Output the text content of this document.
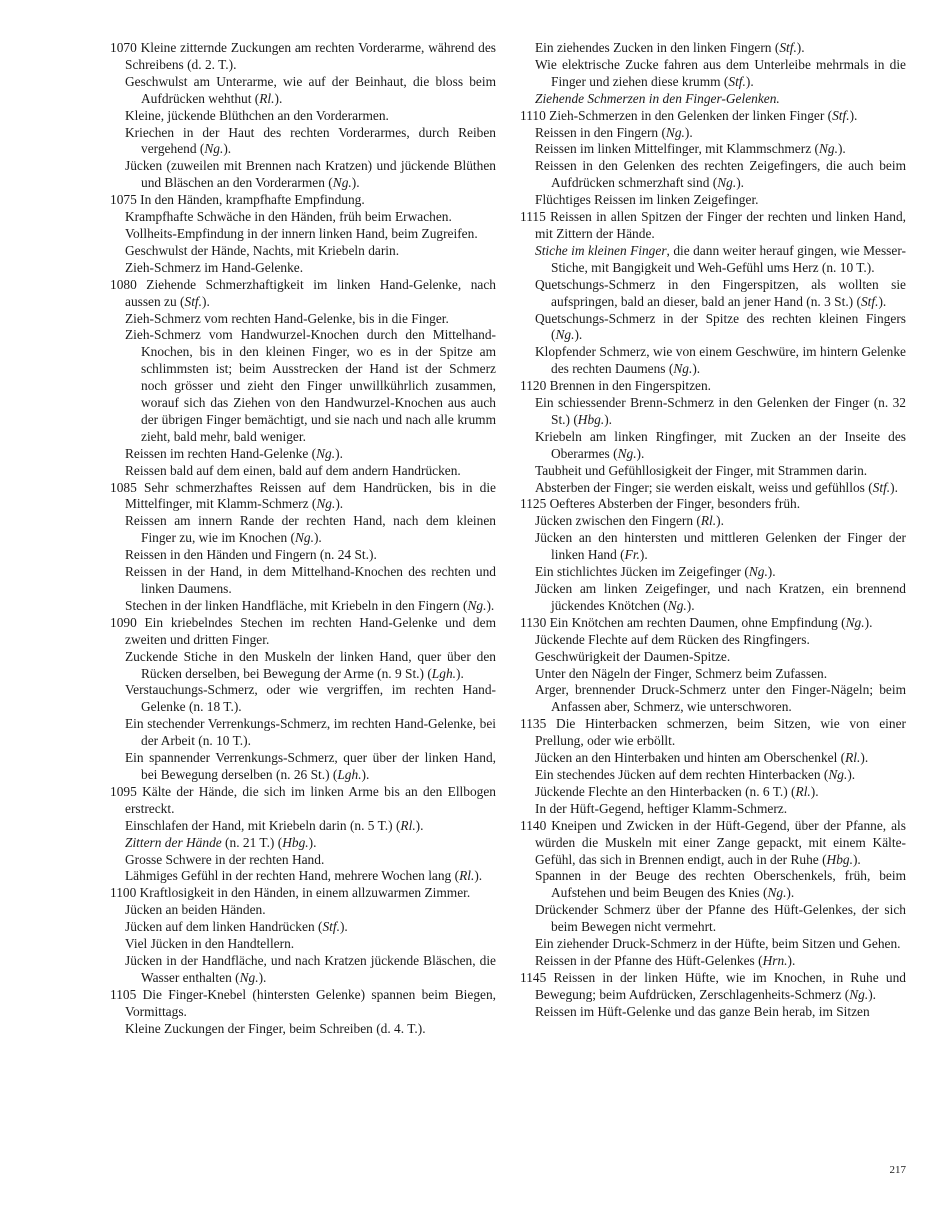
1070 Kleine zitternde Zuckungen am rechten Vorderarme, während des Schreibens (d. 2. T.).

Geschwulst am Unterarme, wie auf der Beinhaut, die bloss beim Aufdrücken wehthut (Rl.).

Kleine, jückende Blüthchen an den Vorderarmen.

Kriechen in der Haut des rechten Vorderarmes, durch Reiben vergehend (Ng.).

Jücken (zuweilen mit Brennen nach Kratzen) und jückende Blüthen und Bläschen an den Vorderarmen (Ng.).

1075 In den Händen, krampfhafte Empfindung.

Krampfhafte Schwäche in den Händen, früh beim Erwachen.

Vollheits-Empfindung in der innern linken Hand, beim Zugreifen.

Geschwulst der Hände, Nachts, mit Kriebeln darin.

Zieh-Schmerz im Hand-Gelenke.

1080 Ziehende Schmerzhaftigkeit im linken Hand-Gelenke, nach aussen zu (Stf.).

Zieh-Schmerz vom rechten Hand-Gelenke, bis in die Finger.

Zieh-Schmerz vom Handwurzel-Knochen durch den Mittelhand-Knochen, bis in den kleinen Finger, wo es in der Spitze am schlimmsten ist; beim Ausstrecken der Hand ist der Schmerz noch grösser und zieht den Finger unwillkührlich zusammen, worauf sich das Ziehen von den Handwurzel-Knochen aus auch der übrigen Finger bemächtigt, und sie nach und nach alle krumm zieht, bald mehr, bald weniger.

Reissen im rechten Hand-Gelenke (Ng.).

Reissen bald auf dem einen, bald auf dem andern Handrücken.

1085 Sehr schmerzhaftes Reissen auf dem Handrücken, bis in die Mittelfinger, mit Klamm-Schmerz (Ng.).

Reissen am innern Rande der rechten Hand, nach dem kleinen Finger zu, wie im Knochen (Ng.).

Reissen in den Händen und Fingern (n. 24 St.).

Reissen in der Hand, in dem Mittelhand-Knochen des rechten und linken Daumens.

Stechen in der linken Handfläche, mit Kriebeln in den Fingern (Ng.).

1090 Ein kriebelndes Stechen im rechten Hand-Gelenke und dem zweiten und dritten Finger.

Zuckende Stiche in den Muskeln der linken Hand, quer über den Rücken derselben, bei Bewegung der Arme (n. 9 St.) (Lgh.).

Verstauchungs-Schmerz, oder wie vergriffen, im rechten Hand-Gelenke (n. 18 T.).

Ein stechender Verrenkungs-Schmerz, im rechten Hand-Gelenke, bei der Arbeit (n. 10 T.).

Ein spannender Verrenkungs-Schmerz, quer über der linken Hand, bei Bewegung derselben (n. 26 St.) (Lgh.).

1095 Kälte der Hände, die sich im linken Arme bis an den Ellbogen erstreckt.

Einschlafen der Hand, mit Kriebeln darin (n. 5 T.) (Rl.).

Zittern der Hände (n. 21 T.) (Hbg.).

Grosse Schwere in der rechten Hand.

Lähmiges Gefühl in der rechten Hand, mehrere Wochen lang (Rl.).

1100 Kraftlosigkeit in den Händen, in einem allzuwarmen Zimmer.

Jücken an beiden Händen.

Jücken auf dem linken Handrücken (Stf.).

Viel Jücken in den Handtellern.

Jücken in der Handfläche, und nach Kratzen jückende Bläschen, die Wasser enthalten (Ng.).

1105 Die Finger-Knebel (hintersten Gelenke) spannen beim Biegen, Vormittags.

Kleine Zuckungen der Finger, beim Schreiben (d. 4. T.).

Ein ziehendes Zucken in den linken Fingern (Stf.).

Wie elektrische Zucke fahren aus dem Unterleibe mehrmals in die Finger und ziehen diese krumm (Stf.).

Ziehende Schmerzen in den Finger-Gelenken.

1110 Zieh-Schmerzen in den Gelenken der linken Finger (Stf.).

Reissen in den Fingern (Ng.).

Reissen im linken Mittelfinger, mit Klammschmerz (Ng.).

Reissen in den Gelenken des rechten Zeigefingers, die auch beim Aufdrücken schmerzhaft sind (Ng.).

Flüchtiges Reissen im linken Zeigefinger.

1115 Reissen in allen Spitzen der Finger der rechten und linken Hand, mit Zittern der Hände.

Stiche im kleinen Finger, die dann weiter herauf gingen, wie Messer-Stiche, mit Bangigkeit und Weh-Gefühl ums Herz (n. 10 T.).

Quetschungs-Schmerz in den Fingerspitzen, als wollten sie aufspringen, bald an dieser, bald an jener Hand (n. 3 St.) (Stf.).

Quetschungs-Schmerz in der Spitze des rechten kleinen Fingers (Ng.).

Klopfender Schmerz, wie von einem Geschwüre, im hintern Gelenke des rechten Daumens (Ng.).

1120 Brennen in den Fingerspitzen.

Ein schiessender Brenn-Schmerz in den Gelenken der Finger (n. 32 St.) (Hbg.).

Kriebeln am linken Ringfinger, mit Zucken an der Inseite des Oberarmes (Ng.).

Taubheit und Gefühllosigkeit der Finger, mit Strammen darin.

Absterben der Finger; sie werden eiskalt, weiss und gefühllos (Stf.).

1125 Oefteres Absterben der Finger, besonders früh.

Jücken zwischen den Fingern (Rl.).

Jücken an den hintersten und mittleren Gelenken der Finger der linken Hand (Fr.).

Ein stichlichtes Jücken im Zeigefinger (Ng.).

Jücken am linken Zeigefinger, und nach Kratzen, ein brennend jückendes Knötchen (Ng.).

1130 Ein Knötchen am rechten Daumen, ohne Empfindung (Ng.).

Jückende Flechte auf dem Rücken des Ringfingers.

Geschwürigkeit der Daumen-Spitze.

Unter den Nägeln der Finger, Schmerz beim Zufassen.

Arger, brennender Druck-Schmerz unter den Finger-Nägeln; beim Anfassen aber, Schmerz, wie unterschworen.

1135 Die Hinterbacken schmerzen, beim Sitzen, wie von einer Prellung, oder wie erböllt.

Jücken an den Hinterbaken und hinten am Oberschenkel (Rl.).

Ein stechendes Jücken auf dem rechten Hinterbacken (Ng.).

Jückende Flechte an den Hinterbacken (n. 6 T.) (Rl.).

In der Hüft-Gegend, heftiger Klamm-Schmerz.

1140 Kneipen und Zwicken in der Hüft-Gegend, über der Pfanne, als würden die Muskeln mit einer Zange gepackt, mit einem Kälte-Gefühl, das sich in Brennen endigt, auch in der Ruhe (Hbg.).

Spannen in der Beuge des rechten Oberschenkels, früh, beim Aufstehen und beim Beugen des Knies (Ng.).

Drückender Schmerz über der Pfanne des Hüft-Gelenkes, der sich beim Bewegen nicht vermehrt.

Ein ziehender Druck-Schmerz in der Hüfte, beim Sitzen und Gehen.

Reissen in der Pfanne des Hüft-Gelenkes (Hrn.).

1145 Reissen in der linken Hüfte, wie im Knochen, in Ruhe und Bewegung; beim Aufdrücken, Zerschlagenheits-Schmerz (Ng.).

Reissen im Hüft-Gelenke und das ganze Bein herab, im Sitzen

217
